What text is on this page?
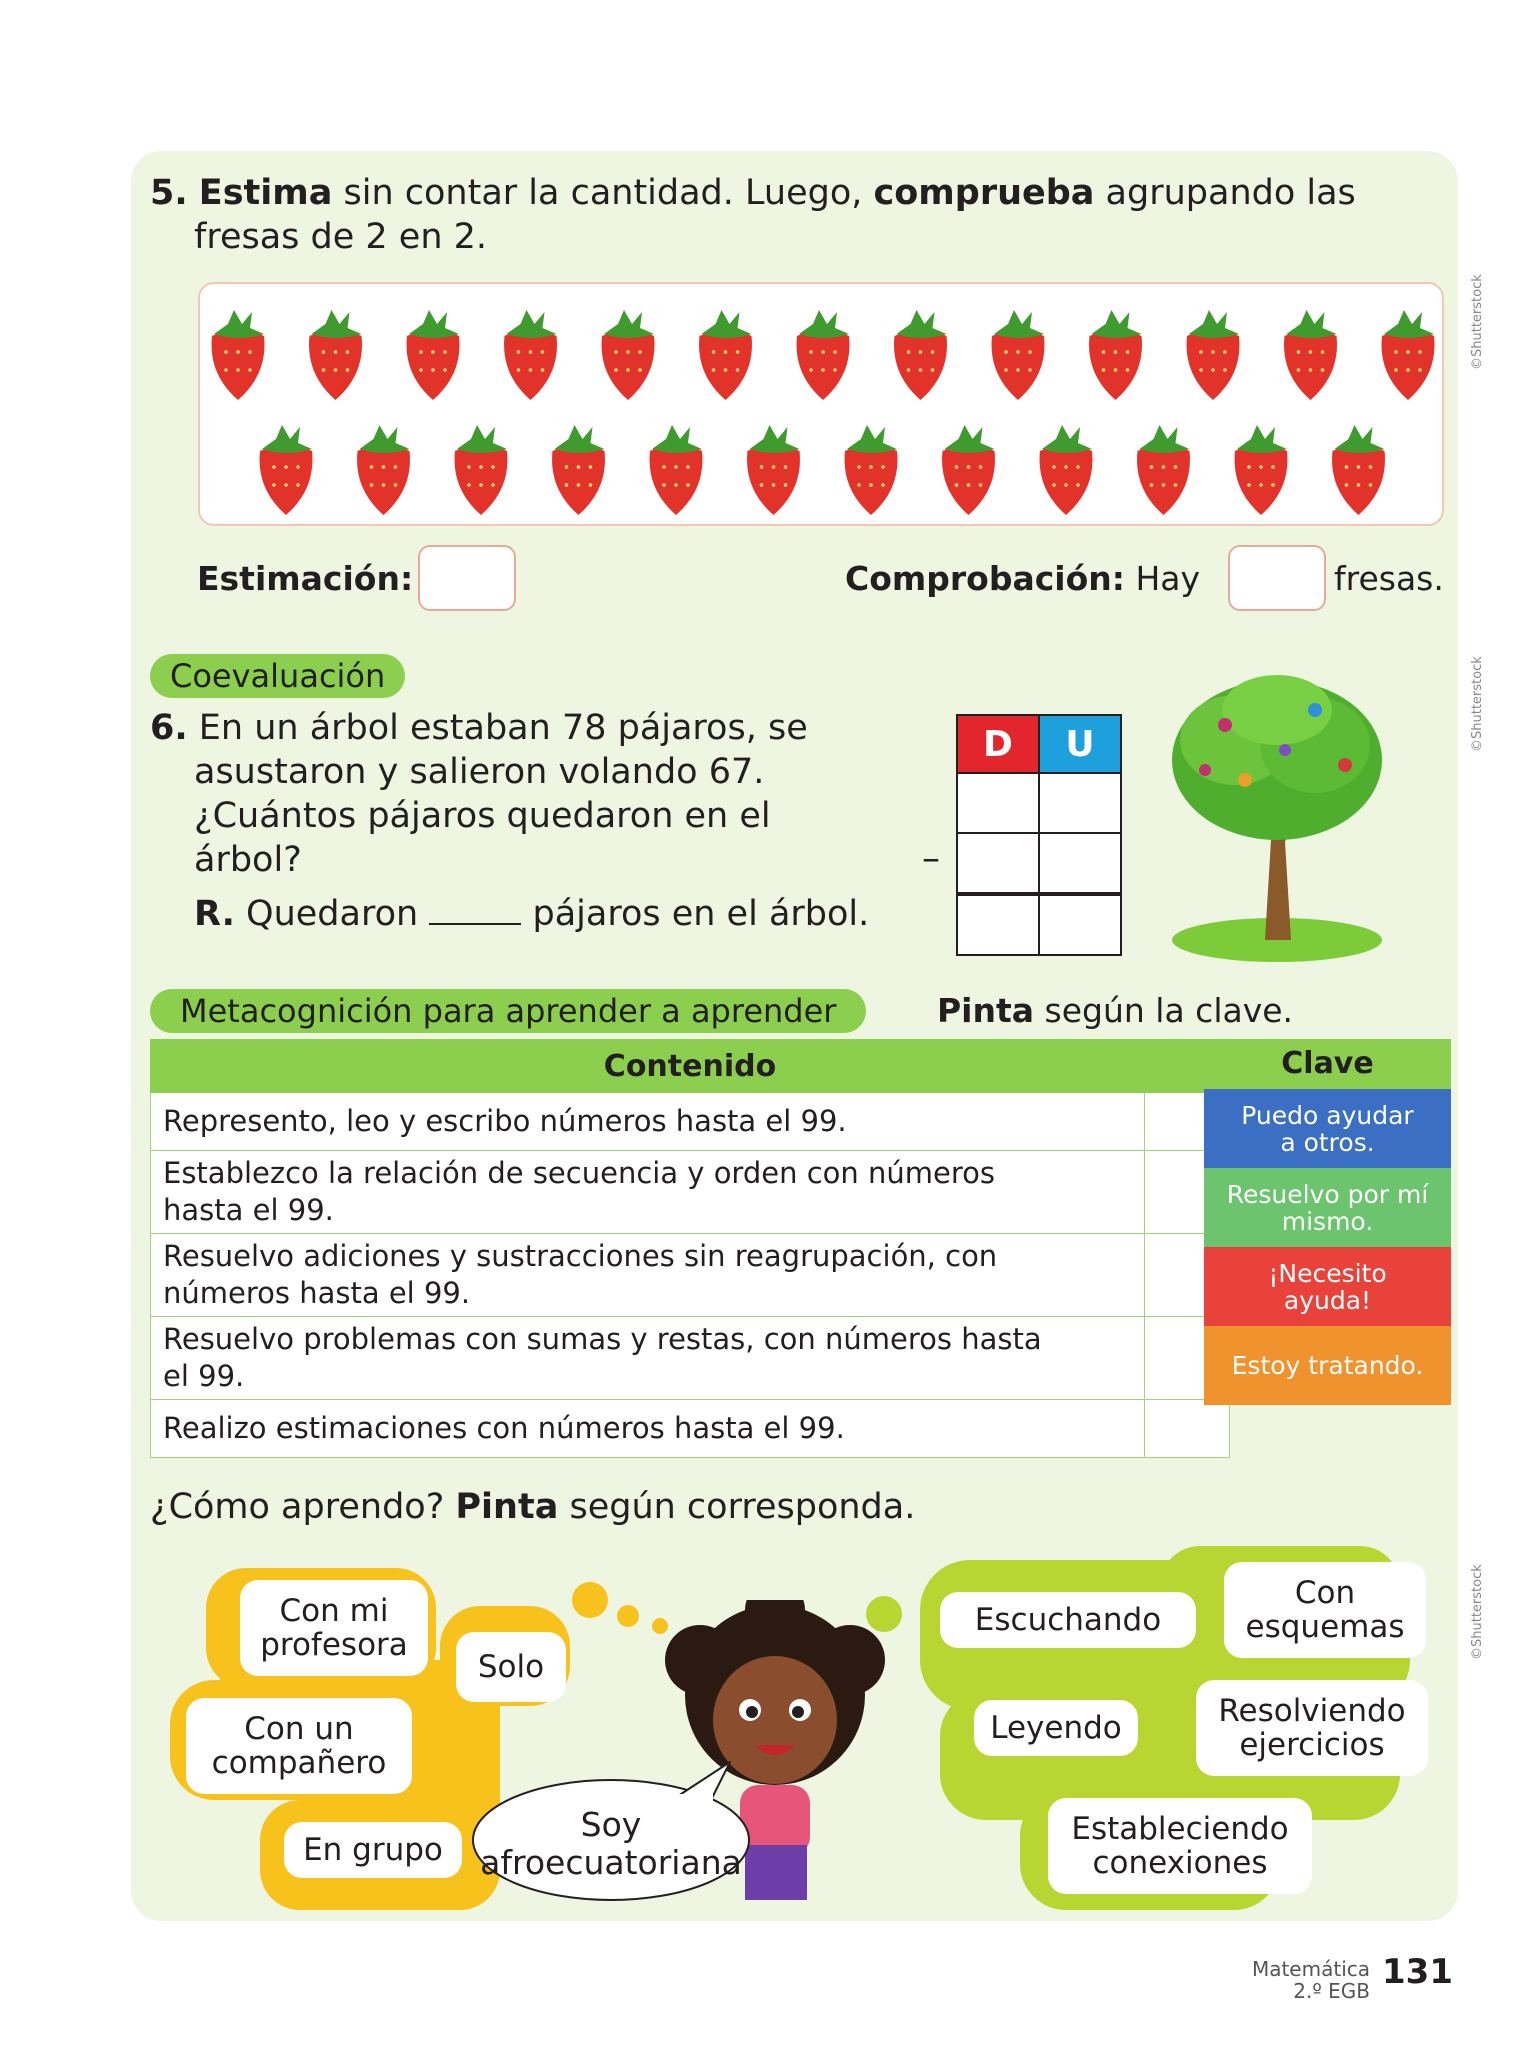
5. Estima sin contar la cantidad. Luego, comprueba agrupando las
fresas de 2 en 2.
Estimación:	Comprobación: Hay	fresas.
©Shutterstock
Coevaluación
6. En un árbol estaban 78 pájaros, se
asustaron y salieron volando 67.
¿Cuántos pájaros quedaron en el
árbol?
R. Quedaron	pájaros en el árbol.
D	U

–
©Shutterstock
Metacognición para aprender a aprender	Pinta según la clave.
Contenido	
Represento, leo y escribo números hasta el 99.	
Establezco la relación de secuencia y orden con números
hasta el 99.	
Resuelvo adiciones y sustracciones sin reagrupación, con
números hasta el 99.	
Resuelvo problemas con sumas y restas, con números hasta
el 99.	
Realizo estimaciones con números hasta el 99.	
Clave
Puedo ayudar
a otros.
Resuelvo por mí
mismo.
¡Necesito
ayuda!
Estoy tratando.
¿Cómo aprendo? Pinta según corresponda.
Con mi
profesora
Solo
Con un
compañero
En grupo
Escuchando
Con
esquemas
Leyendo	Resolviendo
ejercicios
Estableciendo
conexiones
©Shutterstock
Soy
afroecuatoriana
Matemática
2.º EGB 131
